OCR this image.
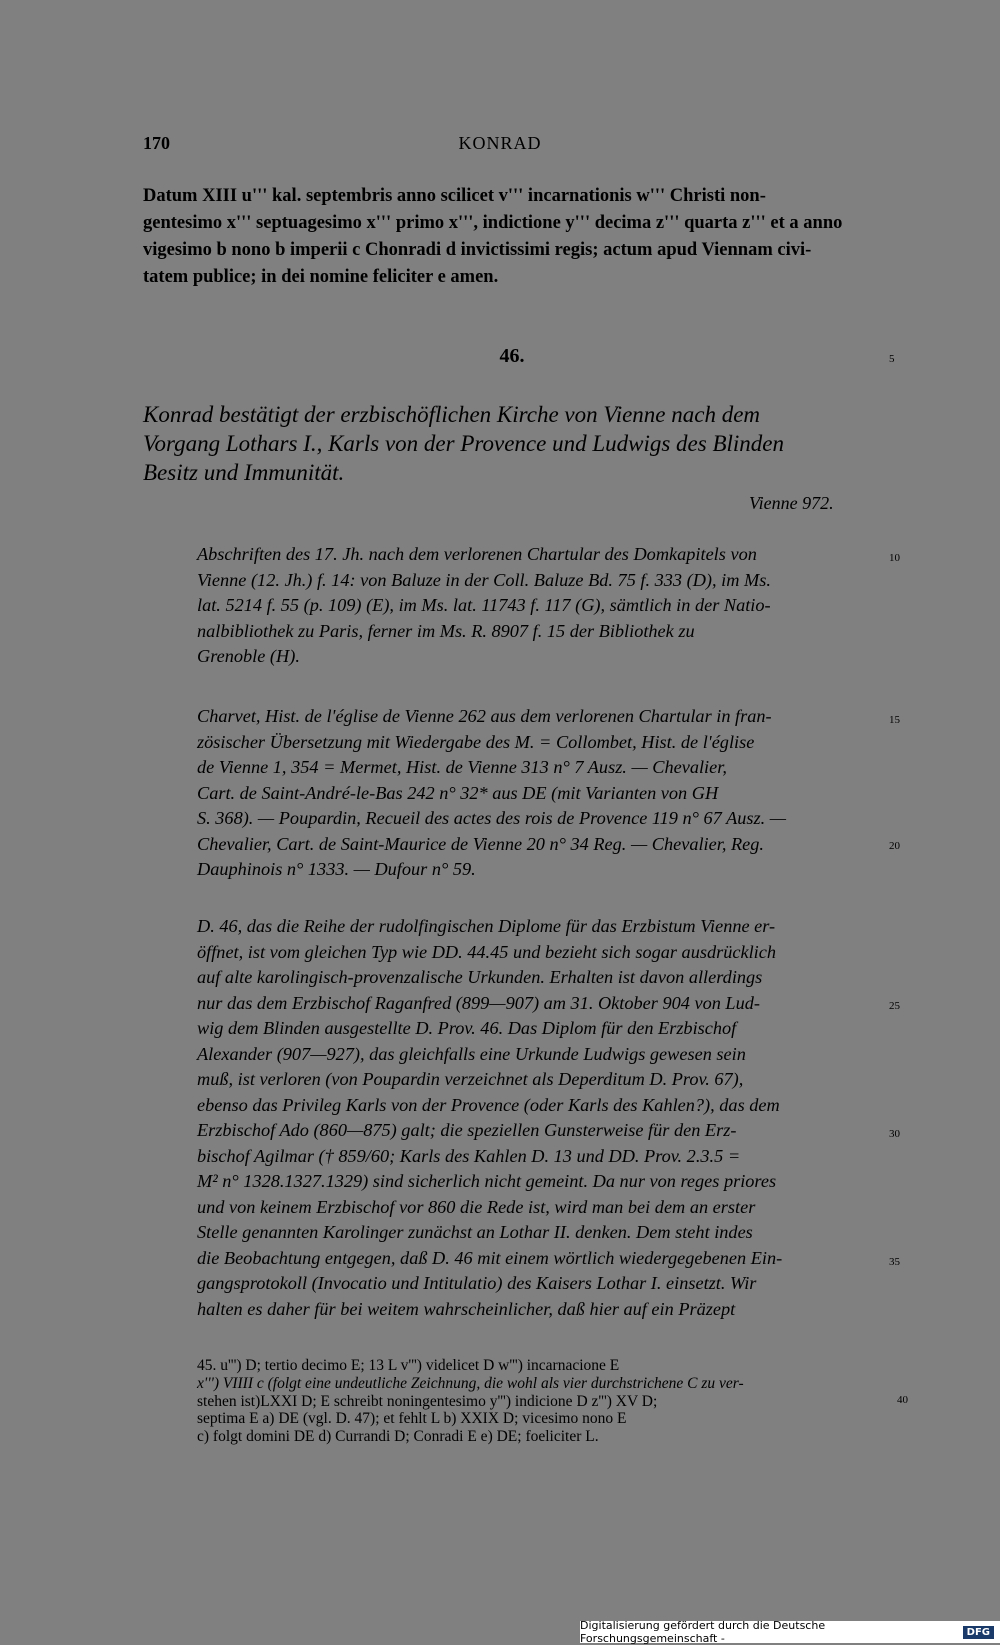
170	KONRAD
Datum XIII u''' kal. septembris anno scilicet v''' incarnationis w''' Christi non-
gentesimo x''' septuagesimo x''' primo x''', indictione y''' decima z''' quarta z''' et a anno
vigesimo b nono b imperii c Chonradi d invictissimi regis; actum apud Viennam civi-
tatem publice; in dei nomine feliciter e amen.
46.	5
Konrad bestätigt der erzbischöflichen Kirche von Vienne nach dem
Vorgang Lothars I., Karls von der Provence und Ludwigs des Blinden
Besitz und Immunität.
Vienne 972.
Abschriften des 17. Jh. nach dem verlorenen Chartular des Domkapitels von
Vienne (12. Jh.) f. 14: von Baluze in der Coll. Baluze Bd. 75 f. 333 (D), im Ms.
lat. 5214 f. 55 (p. 109) (E), im Ms. lat. 11743 f. 117 (G), sämtlich in der Natio-
nalbibliothek zu Paris, ferner im Ms. R. 8907 f. 15 der Bibliothek zu
Grenoble (H).
10
Charvet, Hist. de l'église de Vienne 262 aus dem verlorenen Chartular in fran-
zösischer Übersetzung mit Wiedergabe des M. = Collombet, Hist. de l'église
de Vienne 1, 354 = Mermet, Hist. de Vienne 313 n° 7 Ausz. — Chevalier,
Cart. de Saint-André-le-Bas 242 n° 32* aus DE (mit Varianten von GH
S. 368). — Poupardin, Recueil des actes des rois de Provence 119 n° 67 Ausz. —
Chevalier, Cart. de Saint-Maurice de Vienne 20 n° 34 Reg. — Chevalier, Reg.
Dauphinois n° 1333. — Dufour n° 59.
15
20
D. 46, das die Reihe der rudolfingischen Diplome für das Erzbistum Vienne er-
öffnet, ist vom gleichen Typ wie DD. 44.45 und bezieht sich sogar ausdrücklich
auf alte karolingisch-provenzalische Urkunden. Erhalten ist davon allerdings
nur das dem Erzbischof Raganfred (899—907) am 31. Oktober 904 von Lud-
wig dem Blinden ausgestellte D. Prov. 46. Das Diplom für den Erzbischof
Alexander (907—927), das gleichfalls eine Urkunde Ludwigs gewesen sein
muß, ist verloren (von Poupardin verzeichnet als Deperditum D. Prov. 67),
ebenso das Privileg Karls von der Provence (oder Karls des Kahlen?), das dem
Erzbischof Ado (860—875) galt; die speziellen Gunsterweise für den Erz-
bischof Agilmar († 859/60; Karls des Kahlen D. 13 und DD. Prov. 2.3.5 =
M² n° 1328.1327.1329) sind sicherlich nicht gemeint. Da nur von reges priores
und von keinem Erzbischof vor 860 die Rede ist, wird man bei dem an erster
Stelle genannten Karolinger zunächst an Lothar II. denken. Dem steht indes
die Beobachtung entgegen, daß D. 46 mit einem wörtlich wiedergegebenen Ein-
gangsprotokoll (Invocatio und Intitulatio) des Kaisers Lothar I. einsetzt. Wir
halten es daher für bei weitem wahrscheinlicher, daß hier auf ein Präzept
25
30
35
45. u''') D; tertio decimo E; 13 L v''') videlicet D w''') incarnacione E
x''') VIIII c (folgt eine undeutliche Zeichnung, die wohl als vier durchstrichene C zu ver-
stehen ist)LXXI D; E schreibt noningentesimo y''') indicione D z''') XV D;
septima E a) DE (vgl. D. 47); et fehlt L b) XXIX D; vicesimo nono E
c) folgt domini DE d) Currandi D; Conradi E e) DE; foeliciter L.
40
Digitalisierung gefördert durch die Deutsche Forschungsgemeinschaft -	DFG
